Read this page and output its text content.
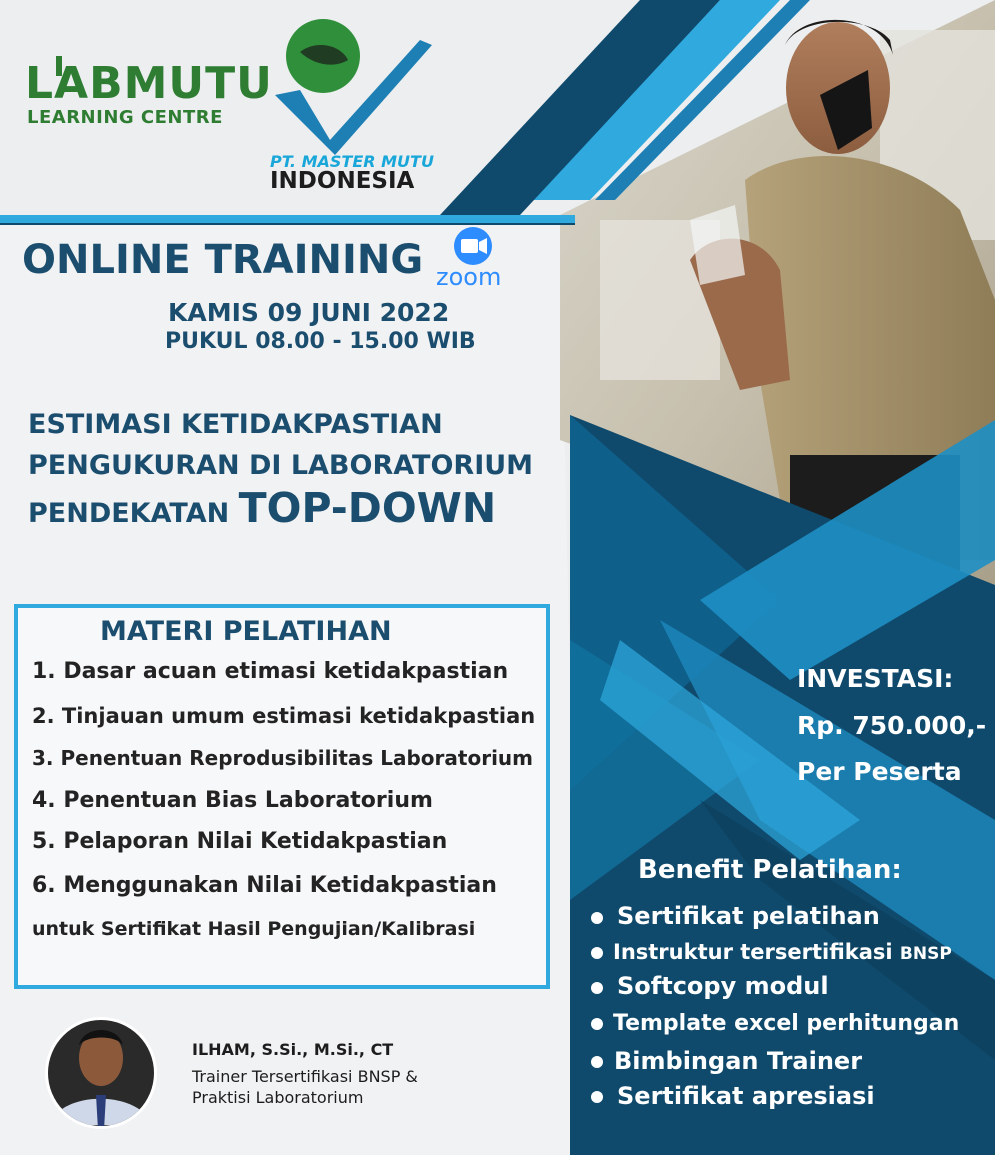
LABMUTU
LEARNING CENTRE
PT. MASTER MUTU
INDONESIA
ONLINE TRAINING zoom
KAMIS 09 JUNI 2022
PUKUL 08.00 - 15.00 WIB
ESTIMASI KETIDAKPASTIAN
PENGUKURAN DI LABORATORIUM
PENDEKATAN TOP-DOWN
MATERI PELATIHAN
1. Dasar acuan etimasi ketidakpastian
2. Tinjauan umum estimasi ketidakpastian
3. Penentuan Reprodusibilitas Laboratorium
4. Penentuan Bias Laboratorium
5. Pelaporan Nilai Ketidakpastian
6. Menggunakan Nilai Ketidakpastian
untuk Sertifikat Hasil Pengujian/Kalibrasi
INVESTASI:
Rp. 750.000,-
Per Peserta
Benefit Pelatihan:
Sertifikat pelatihan
Instruktur tersertifikasi BNSP
Softcopy modul
Template excel perhitungan
Bimbingan Trainer
Sertifikat apresiasi
ILHAM, S.Si., M.Si., CT
Trainer Tersertifikasi BNSP &
Praktisi Laboratorium
